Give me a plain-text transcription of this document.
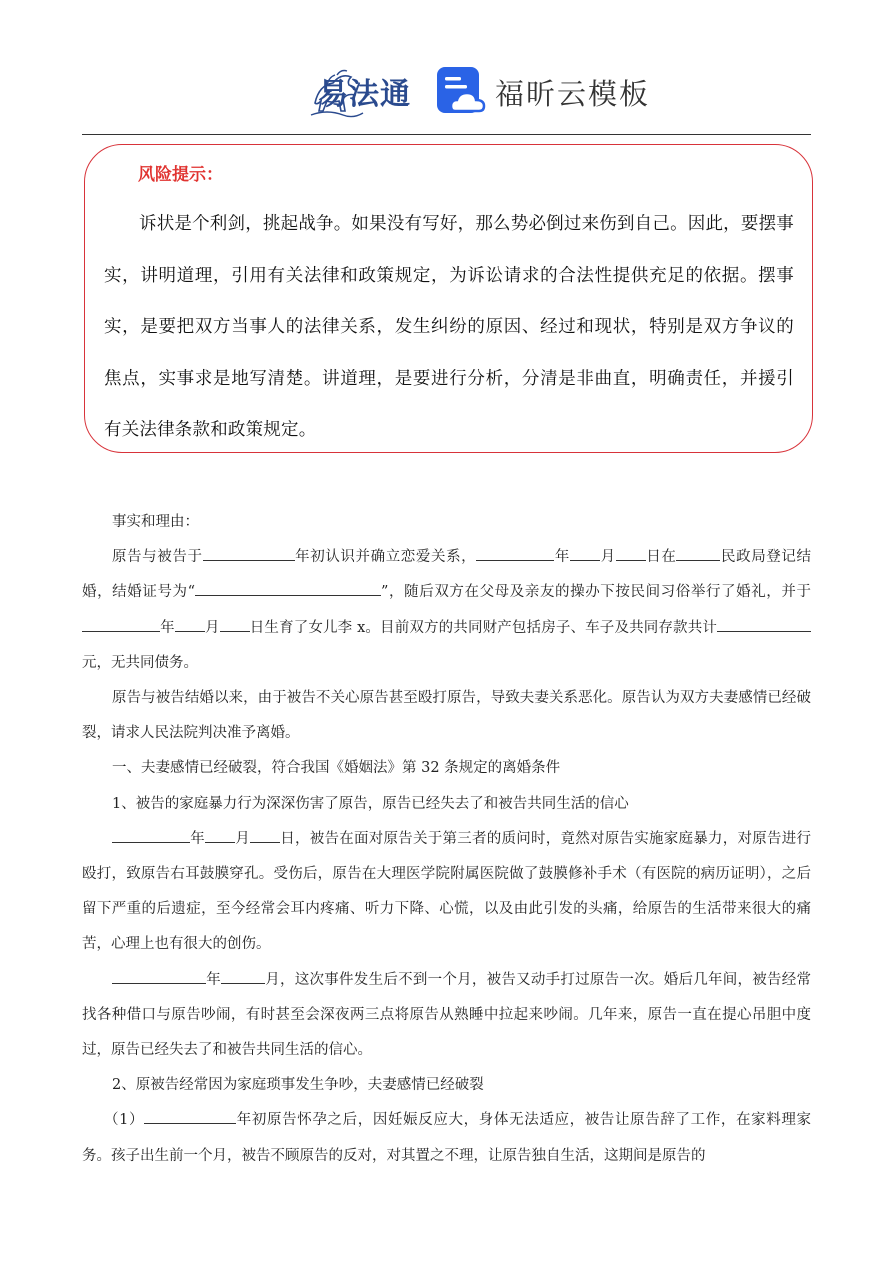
易法通	福昕云模板
风险提示：
诉状是个利剑，挑起战争。如果没有写好，那么势必倒过来伤到自己。因此，要摆事实，讲明道理，引用有关法律和政策规定，为诉讼请求的合法性提供充足的依据。摆事实，是要把双方当事人的法律关系，发生纠纷的原因、经过和现状，特别是双方争议的焦点，实事求是地写清楚。讲道理，是要进行分析，分清是非曲直，明确责任，并援引有关法律条款和政策规定。

事实和理由：

原告与被告于	年初认识并确立恋爱关系，	年 月 日在	民政局登记结婚，结婚证号为“	”，随后双方在父母及亲友的操办下按民间习俗举行了婚礼，并于年 月 日生育了女儿李 x。目前双方的共同财产包括房子、车子及共同存款共计元，无共同债务。

原告与被告结婚以来，由于被告不关心原告甚至殴打原告，导致夫妻关系恶化。原告认为双方夫妻感情已经破裂，请求人民法院判决准予离婚。

一、夫妻感情已经破裂，符合我国《婚姻法》第 32 条规定的离婚条件

1、被告的家庭暴力行为深深伤害了原告，原告已经失去了和被告共同生活的信心

年 月 日，被告在面对原告关于第三者的质问时，竟然对原告实施家庭暴力，对原告进行殴打，致原告右耳鼓膜穿孔。受伤后，原告在大理医学院附属医院做了鼓膜修补手术（有医院的病历证明），之后留下严重的后遗症，至今经常会耳内疼痛、听力下降、心慌，以及由此引发的头痛，给原告的生活带来很大的痛苦，心理上也有很大的创伤。

年	月，这次事件发生后不到一个月，被告又动手打过原告一次。婚后几年间，被告经常找各种借口与原告吵闹，有时甚至会深夜两三点将原告从熟睡中拉起来吵闹。几年来，原告一直在提心吊胆中度过，原告已经失去了和被告共同生活的信心。

2、原被告经常因为家庭琐事发生争吵，夫妻感情已经破裂

（1）	年初原告怀孕之后，因妊娠反应大，身体无法适应，被告让原告辞了工作，在家料理家务。孩子出生前一个月，被告不顾原告的反对，对其置之不理，让原告独自生活，这期间是原告的
